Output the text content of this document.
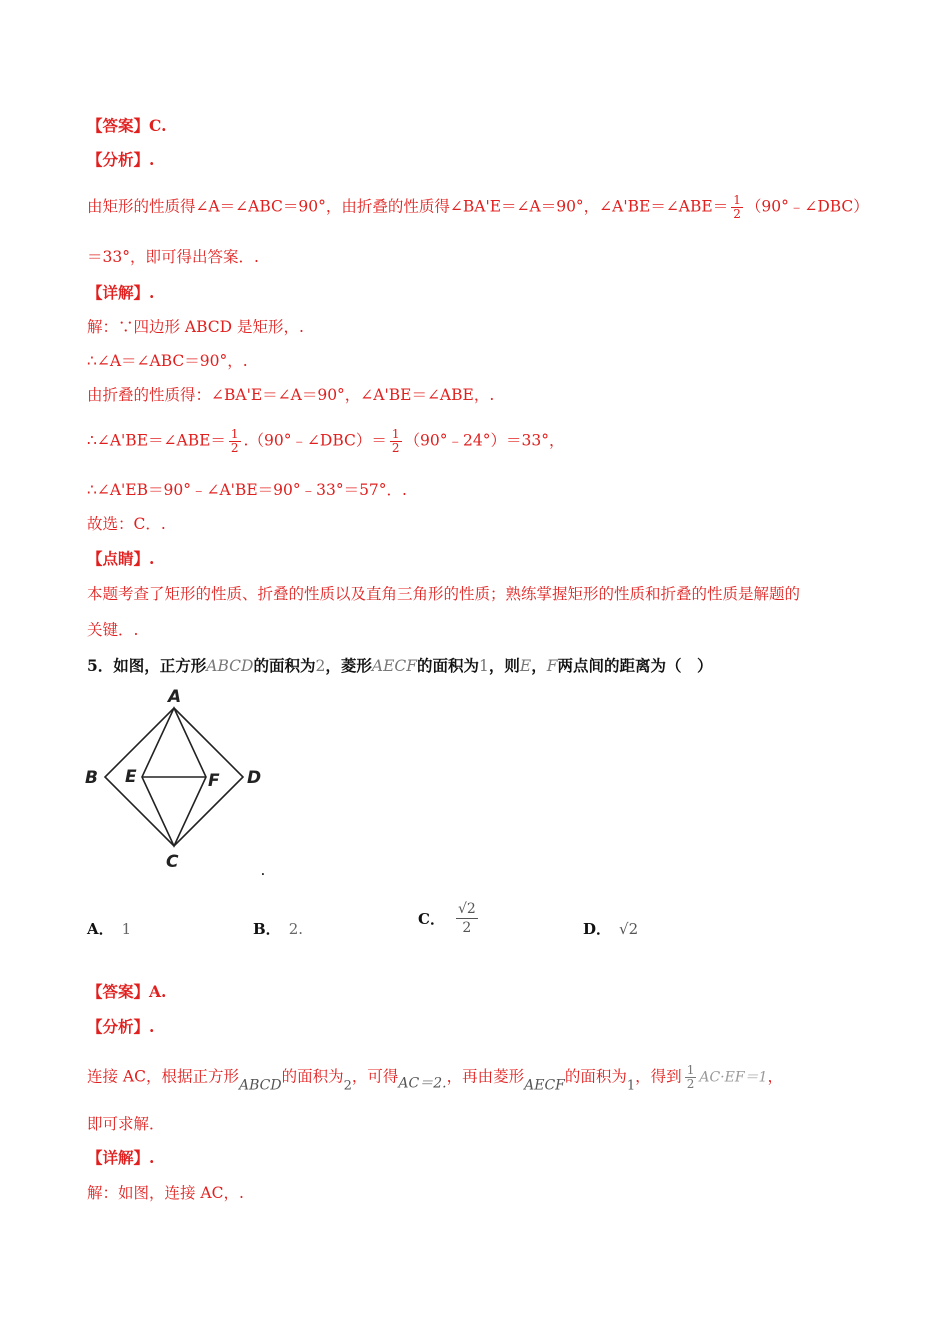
【答案】C.
【分析】.
由矩形的性质得∠A＝∠ABC＝90°，由折叠的性质得∠BA'E＝∠A＝90°，∠A'BE＝∠ABE＝ $\frac{1}{2}$ （90°﹣∠DBC）
＝33°，即可得出答案．.
【详解】.
解：∵四边形 ABCD 是矩形，.
∴∠A＝∠ABC＝90°，.
由折叠的性质得：∠BA'E＝∠A＝90°，∠A'BE＝∠ABE，.
∴∠A'BE＝∠ABE＝ $\frac{1}{2}$ .（90°﹣∠DBC）＝ $\frac{1}{2}$ （90°﹣24°）＝33°，
∴∠A'EB＝90°﹣∠A'BE＝90°﹣33°＝57°．.
故选：C．.
【点睛】.
本题考查了矩形的性质、折叠的性质以及直角三角形的性质；熟练掌握矩形的性质和折叠的性质是解题的
关键．.
5．如图，正方形ABCD的面积为2，菱形AECF的面积为1，则E，F两点间的距离为（　）
A
B
C
D
E	F
.
A． 1	B． 2.
C． $\frac{√2}{2}$	D． √2
【答案】A.
【分析】.
连接 AC，根据正方形ABCD的面积为$_2$，可得AC＝2.，再由菱形AECF的面积为$_1$，得到 $\frac{1}{2} AC\cdot EF=1$，
即可求解．
【详解】.
解：如图，连接 AC，.
